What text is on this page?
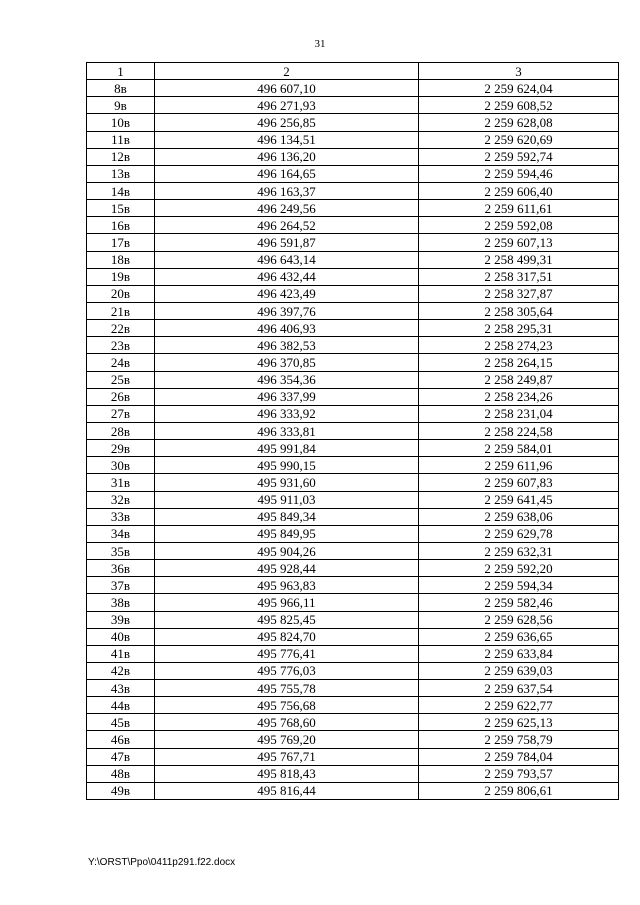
31
1	2	3
8в	496 607,10	2 259 624,04
9в	496 271,93	2 259 608,52
10в	496 256,85	2 259 628,08
11в	496 134,51	2 259 620,69
12в	496 136,20	2 259 592,74
13в	496 164,65	2 259 594,46
14в	496 163,37	2 259 606,40
15в	496 249,56	2 259 611,61
16в	496 264,52	2 259 592,08
17в	496 591,87	2 259 607,13
18в	496 643,14	2 258 499,31
19в	496 432,44	2 258 317,51
20в	496 423,49	2 258 327,87
21в	496 397,76	2 258 305,64
22в	496 406,93	2 258 295,31
23в	496 382,53	2 258 274,23
24в	496 370,85	2 258 264,15
25в	496 354,36	2 258 249,87
26в	496 337,99	2 258 234,26
27в	496 333,92	2 258 231,04
28в	496 333,81	2 258 224,58
29в	495 991,84	2 259 584,01
30в	495 990,15	2 259 611,96
31в	495 931,60	2 259 607,83
32в	495 911,03	2 259 641,45
33в	495 849,34	2 259 638,06
34в	495 849,95	2 259 629,78
35в	495 904,26	2 259 632,31
36в	495 928,44	2 259 592,20
37в	495 963,83	2 259 594,34
38в	495 966,11	2 259 582,46
39в	495 825,45	2 259 628,56
40в	495 824,70	2 259 636,65
41в	495 776,41	2 259 633,84
42в	495 776,03	2 259 639,03
43в	495 755,78	2 259 637,54
44в	495 756,68	2 259 622,77
45в	495 768,60	2 259 625,13
46в	495 769,20	2 259 758,79
47в	495 767,71	2 259 784,04
48в	495 818,43	2 259 793,57
49в	495 816,44	2 259 806,61
Y:\ORST\Ppo\0411p291.f22.docx
